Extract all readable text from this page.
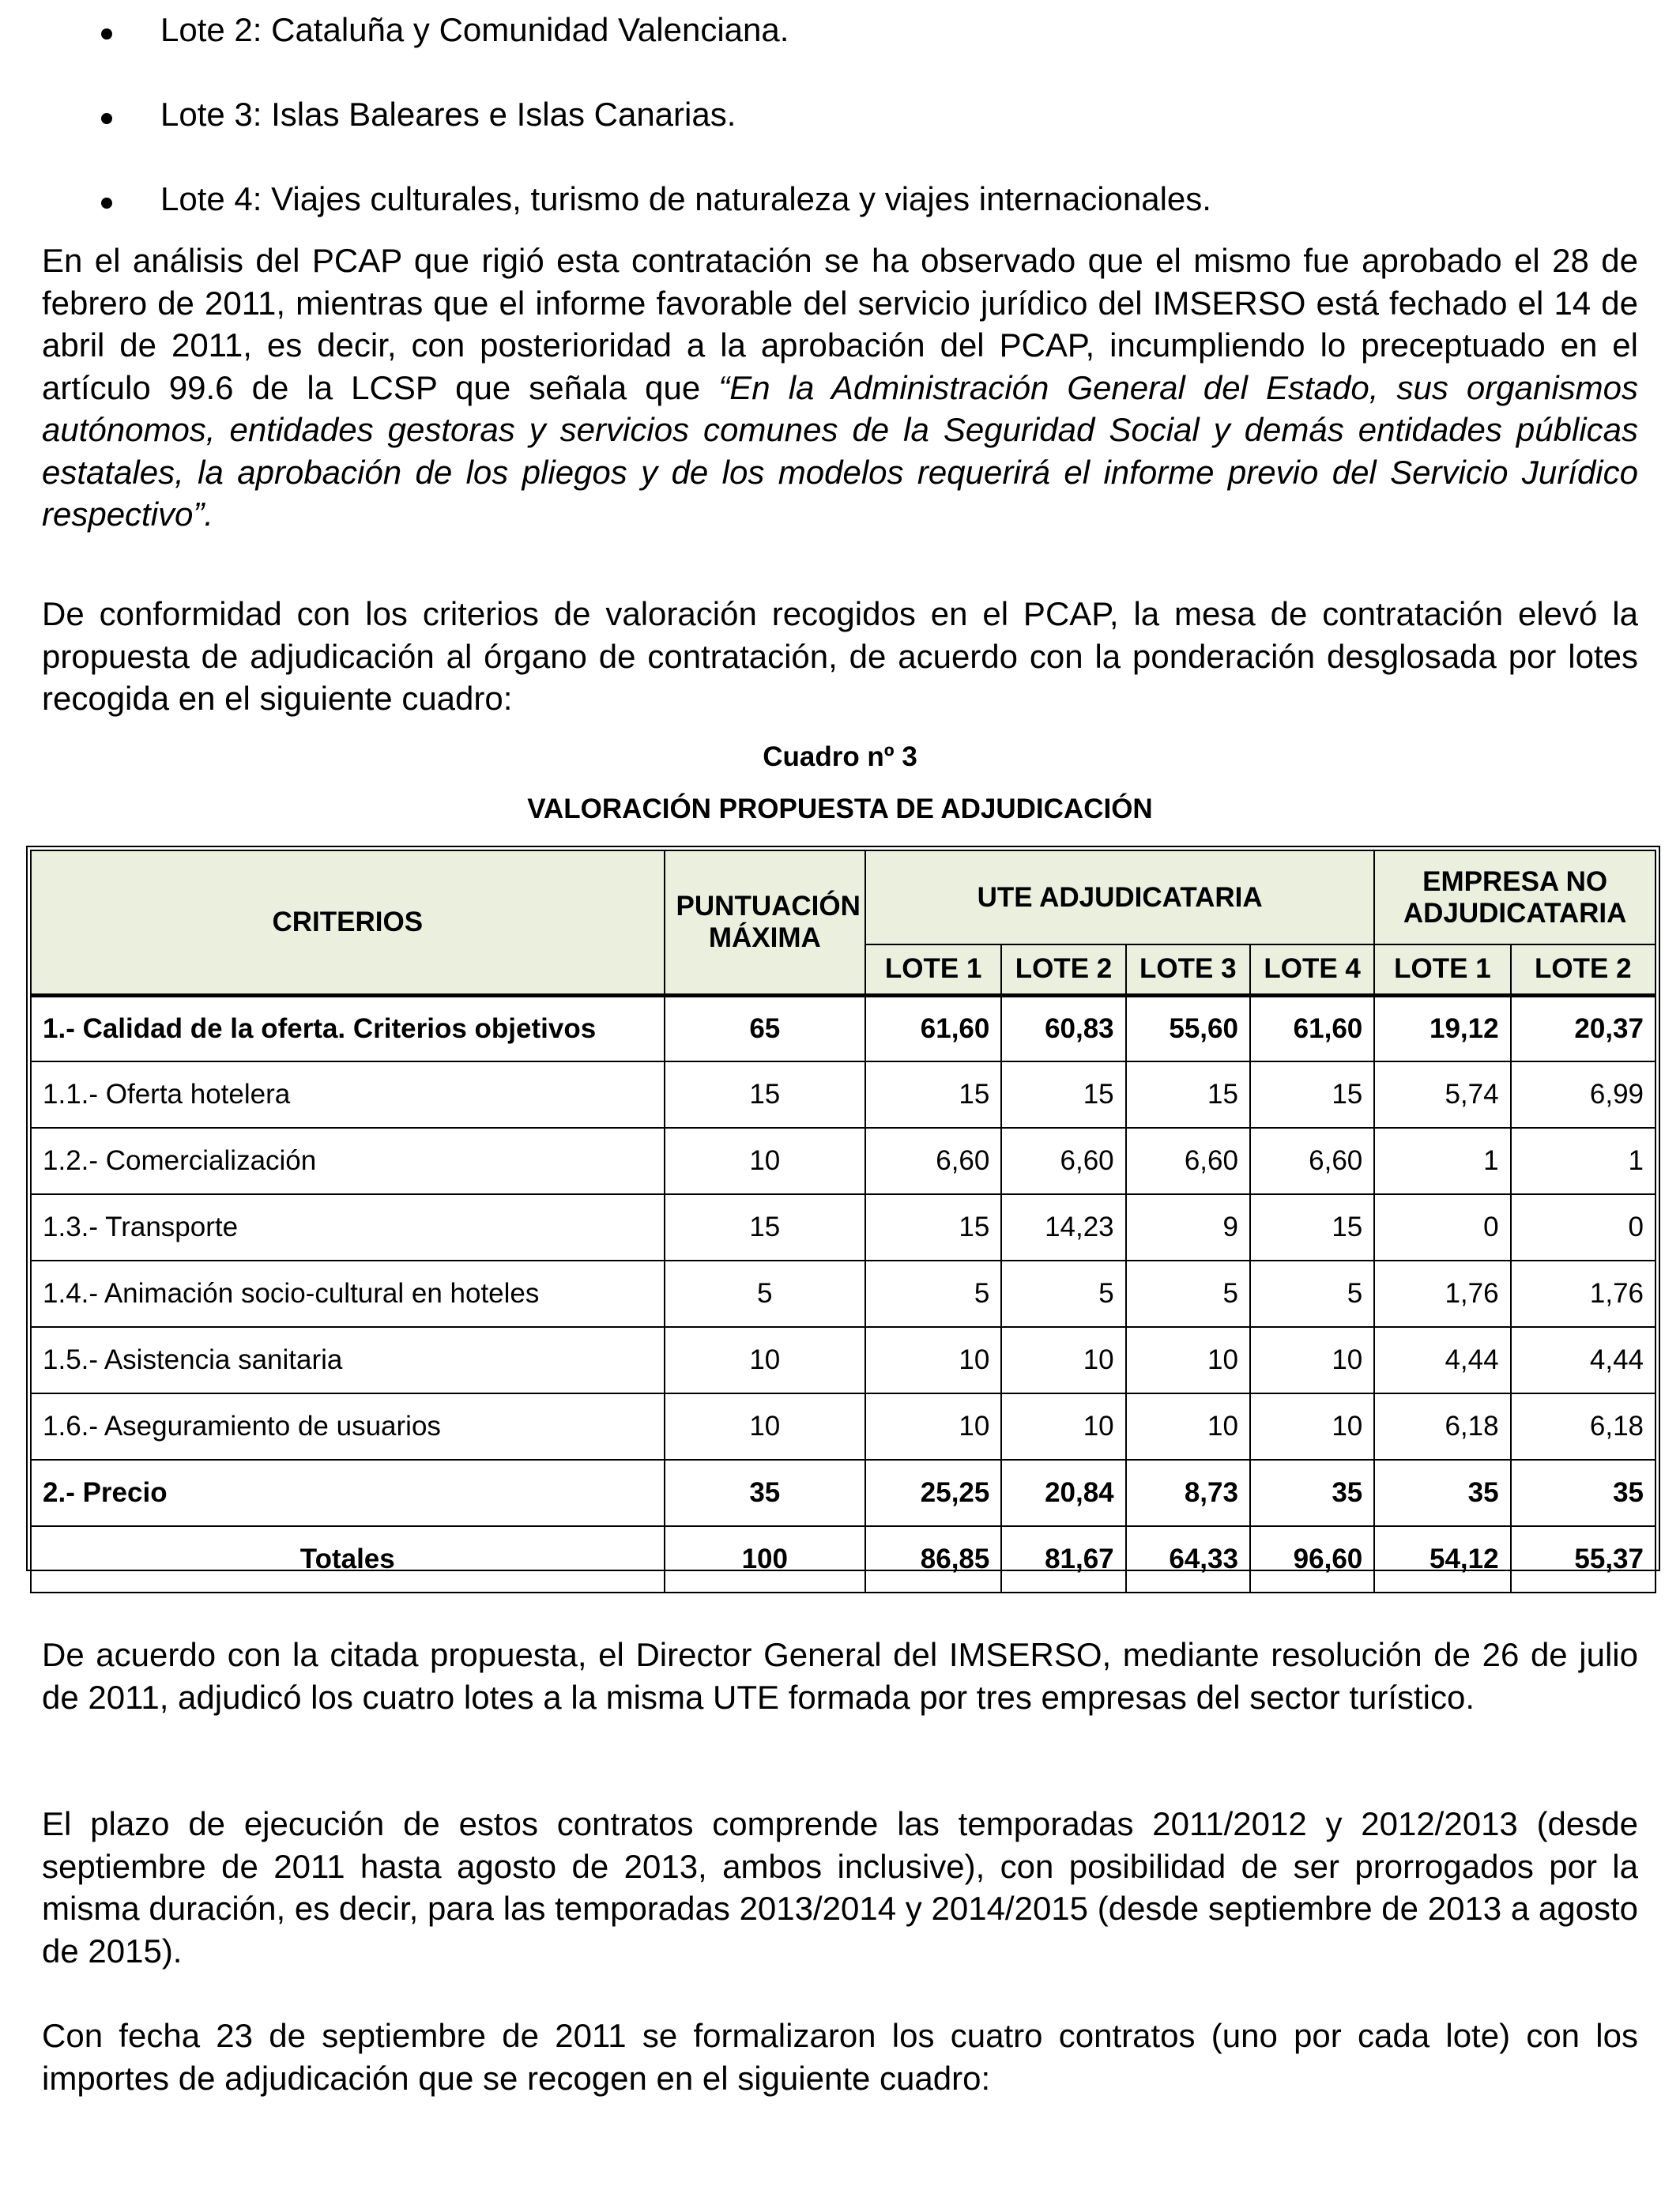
Lote 2: Cataluña y Comunidad Valenciana.
Lote 3: Islas Baleares e Islas Canarias.
Lote 4: Viajes culturales, turismo de naturaleza y viajes internacionales.

En el análisis del PCAP que rigió esta contratación se ha observado que el mismo fue aprobado el 28 de febrero de 2011, mientras que el informe favorable del servicio jurídico del IMSERSO está fechado el 14 de abril de 2011, es decir, con posterioridad a la aprobación del PCAP, incumpliendo lo preceptuado en el artículo 99.6 de la LCSP que señala que “En la Administración General del Estado, sus organismos autónomos, entidades gestoras y servicios comunes de la Seguridad Social y demás entidades públicas estatales, la aprobación de los pliegos y de los modelos requerirá el informe previo del Servicio Jurídico respectivo”.

De conformidad con los criterios de valoración recogidos en el PCAP, la mesa de contratación elevó la propuesta de adjudicación al órgano de contratación, de acuerdo con la ponderación desglosada por lotes recogida en el siguiente cuadro:

Cuadro nº 3
VALORACIÓN PROPUESTA DE ADJUDICACIÓN
CRITERIOS	PUNTUACIÓN MÁXIMA	UTE ADJUDICATARIA				EMPRESA NO ADJUDICATARIA	
		LOTE 1	LOTE 2	LOTE 3	LOTE 4	LOTE 1	LOTE 2
1.- Calidad de la oferta. Criterios objetivos	65	61,60	60,83	55,60	61,60	19,12	20,37
1.1.- Oferta hotelera	15	15	15	15	15	5,74	6,99
1.2.- Comercialización	10	6,60	6,60	6,60	6,60	1	1
1.3.- Transporte	15	15	14,23	9	15	0	0
1.4.- Animación socio-cultural en hoteles	5	5	5	5	5	1,76	1,76
1.5.- Asistencia sanitaria	10	10	10	10	10	4,44	4,44
1.6.- Aseguramiento de usuarios	10	10	10	10	10	6,18	6,18
2.- Precio	35	25,25	20,84	8,73	35	35	35
Totales	100	86,85	81,67	64,33	96,60	54,12	55,37

De acuerdo con la citada propuesta, el Director General del IMSERSO, mediante resolución de 26 de julio de 2011, adjudicó los cuatro lotes a la misma UTE formada por tres empresas del sector turístico.

El plazo de ejecución de estos contratos comprende las temporadas 2011/2012 y 2012/2013 (desde septiembre de 2011 hasta agosto de 2013, ambos inclusive), con posibilidad de ser prorrogados por la misma duración, es decir, para las temporadas 2013/2014 y 2014/2015 (desde septiembre de 2013 a agosto de 2015).

Con fecha 23 de septiembre de 2011 se formalizaron los cuatro contratos (uno por cada lote) con los importes de adjudicación que se recogen en el siguiente cuadro:
